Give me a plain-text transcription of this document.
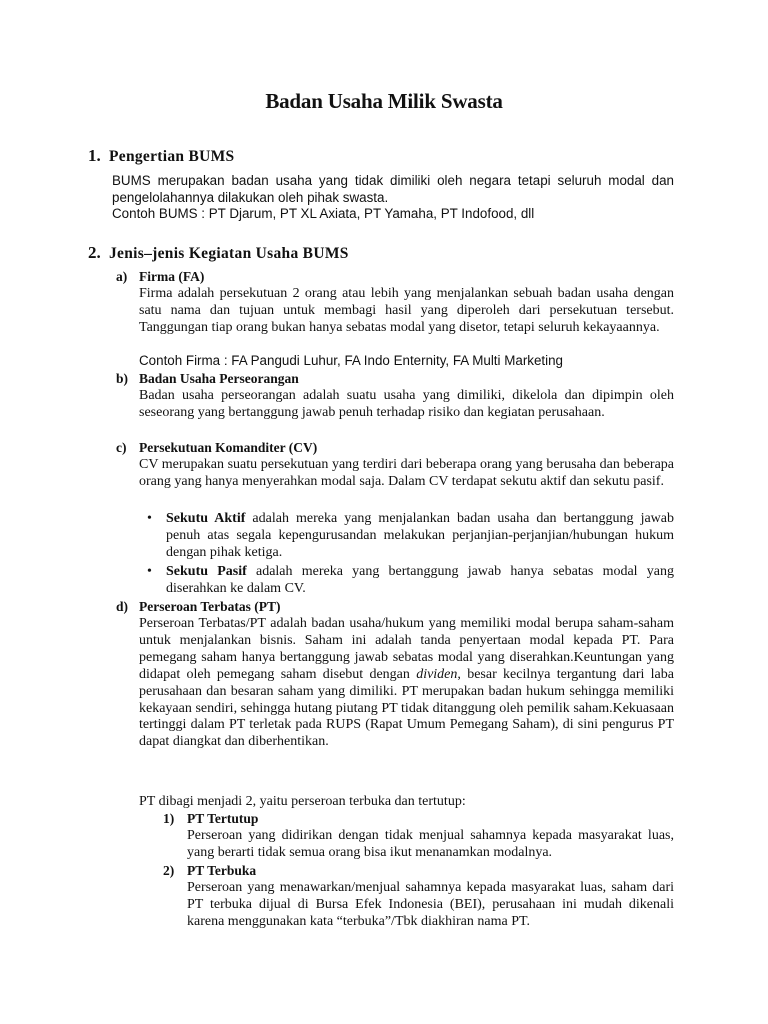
Badan Usaha Milik Swasta
1. Pengertian BUMS
BUMS merupakan badan usaha yang tidak dimiliki oleh negara tetapi seluruh modal dan pengelolahannya dilakukan oleh pihak swasta.
Contoh BUMS : PT Djarum, PT XL Axiata, PT Yamaha, PT Indofood, dll
2. Jenis–jenis Kegiatan Usaha BUMS
a) Firma (FA)
Firma adalah persekutuan 2 orang atau lebih yang menjalankan sebuah badan usaha dengan satu nama dan tujuan untuk membagi hasil yang diperoleh dari persekutuan tersebut. Tanggungan tiap orang bukan hanya sebatas modal yang disetor, tetapi seluruh kekayaannya.
Contoh Firma : FA Pangudi Luhur, FA Indo Enternity, FA Multi Marketing
b) Badan Usaha Perseorangan
Badan usaha perseorangan adalah suatu usaha yang dimiliki, dikelola dan dipimpin oleh seseorang yang bertanggung jawab penuh terhadap risiko dan kegiatan perusahaan.
c) Persekutuan Komanditer (CV)
CV merupakan suatu persekutuan yang terdiri dari beberapa orang yang berusaha dan beberapa orang yang hanya menyerahkan modal saja. Dalam CV terdapat sekutu aktif dan sekutu pasif.
• Sekutu Aktif adalah mereka yang menjalankan badan usaha dan bertanggung jawab penuh atas segala kepengurusandan melakukan perjanjian-perjanjian/hubungan hukum dengan pihak ketiga.
• Sekutu Pasif adalah mereka yang bertanggung jawab hanya sebatas modal yang diserahkan ke dalam CV.
d) Perseroan Terbatas (PT)
Perseroan Terbatas/PT adalah badan usaha/hukum yang memiliki modal berupa saham-saham untuk menjalankan bisnis. Saham ini adalah tanda penyertaan modal kepada PT. Para pemegang saham hanya bertanggung jawab sebatas modal yang diserahkan.Keuntungan yang didapat oleh pemegang saham disebut dengan dividen, besar kecilnya tergantung dari laba perusahaan dan besaran saham yang dimiliki. PT merupakan badan hukum sehingga memiliki kekayaan sendiri, sehingga hutang piutang PT tidak ditanggung oleh pemilik saham.Kekuasaan tertinggi dalam PT terletak pada RUPS (Rapat Umum Pemegang Saham), di sini pengurus PT dapat diangkat dan diberhentikan.
PT dibagi menjadi 2, yaitu perseroan terbuka dan tertutup:
1) PT Tertutup
Perseroan yang didirikan dengan tidak menjual sahamnya kepada masyarakat luas, yang berarti tidak semua orang bisa ikut menanamkan modalnya.
2) PT Terbuka
Perseroan yang menawarkan/menjual sahamnya kepada masyarakat luas, saham dari PT terbuka dijual di Bursa Efek Indonesia (BEI), perusahaan ini mudah dikenali karena menggunakan kata “terbuka”/Tbk diakhiran nama PT.
